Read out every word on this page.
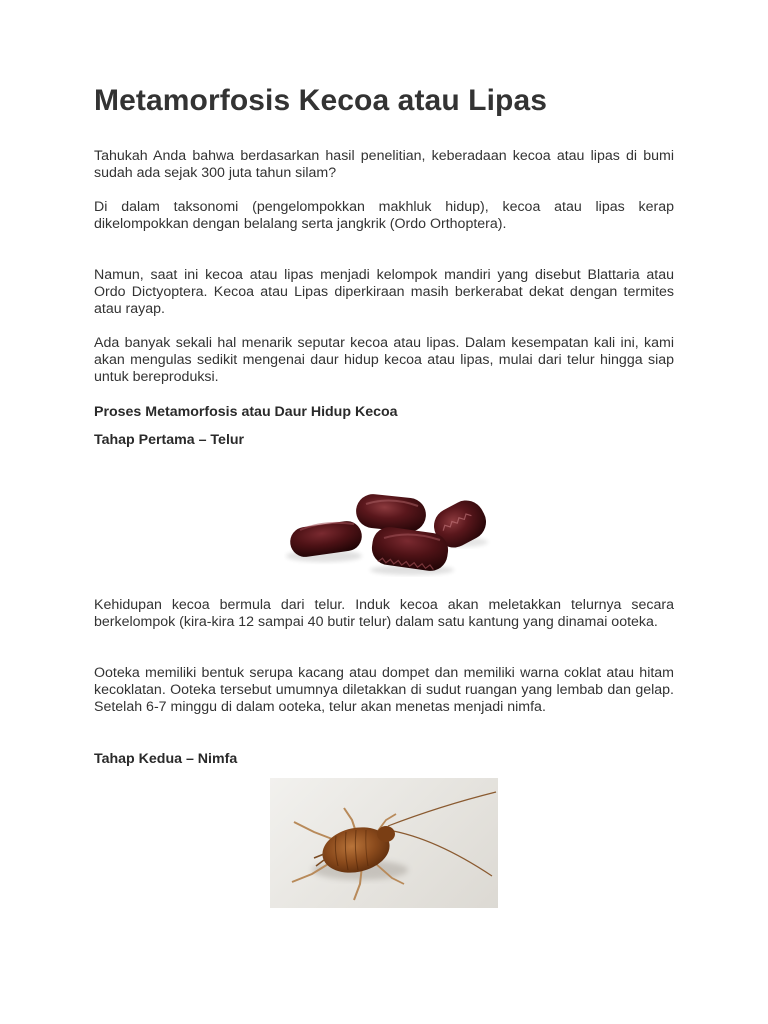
Metamorfosis Kecoa atau Lipas

Tahukah Anda bahwa berdasarkan hasil penelitian, keberadaan kecoa atau lipas di bumi sudah ada sejak 300 juta tahun silam?

Di dalam taksonomi (pengelompokkan makhluk hidup), kecoa atau lipas kerap dikelompokkan dengan belalang serta jangkrik (Ordo Orthoptera).

Namun, saat ini kecoa atau lipas menjadi kelompok mandiri yang disebut Blattaria atau Ordo Dictyoptera. Kecoa atau Lipas diperkiraan masih berkerabat dekat dengan termites atau rayap.

Ada banyak sekali hal menarik seputar kecoa atau lipas. Dalam kesempatan kali ini, kami akan mengulas sedikit mengenai daur hidup kecoa atau lipas, mulai dari telur hingga siap untuk bereproduksi.

Proses Metamorfosis atau Daur Hidup Kecoa

Tahap Pertama – Telur

Kehidupan kecoa bermula dari telur. Induk kecoa akan meletakkan telurnya secara berkelompok (kira-kira 12 sampai 40 butir telur) dalam satu kantung yang dinamai ooteka.

Ooteka memiliki bentuk serupa kacang atau dompet dan memiliki warna coklat atau hitam kecoklatan. Ooteka tersebut umumnya diletakkan di sudut ruangan yang lembab dan gelap. Setelah 6-7 minggu di dalam ooteka, telur akan menetas menjadi nimfa.

Tahap Kedua – Nimfa
